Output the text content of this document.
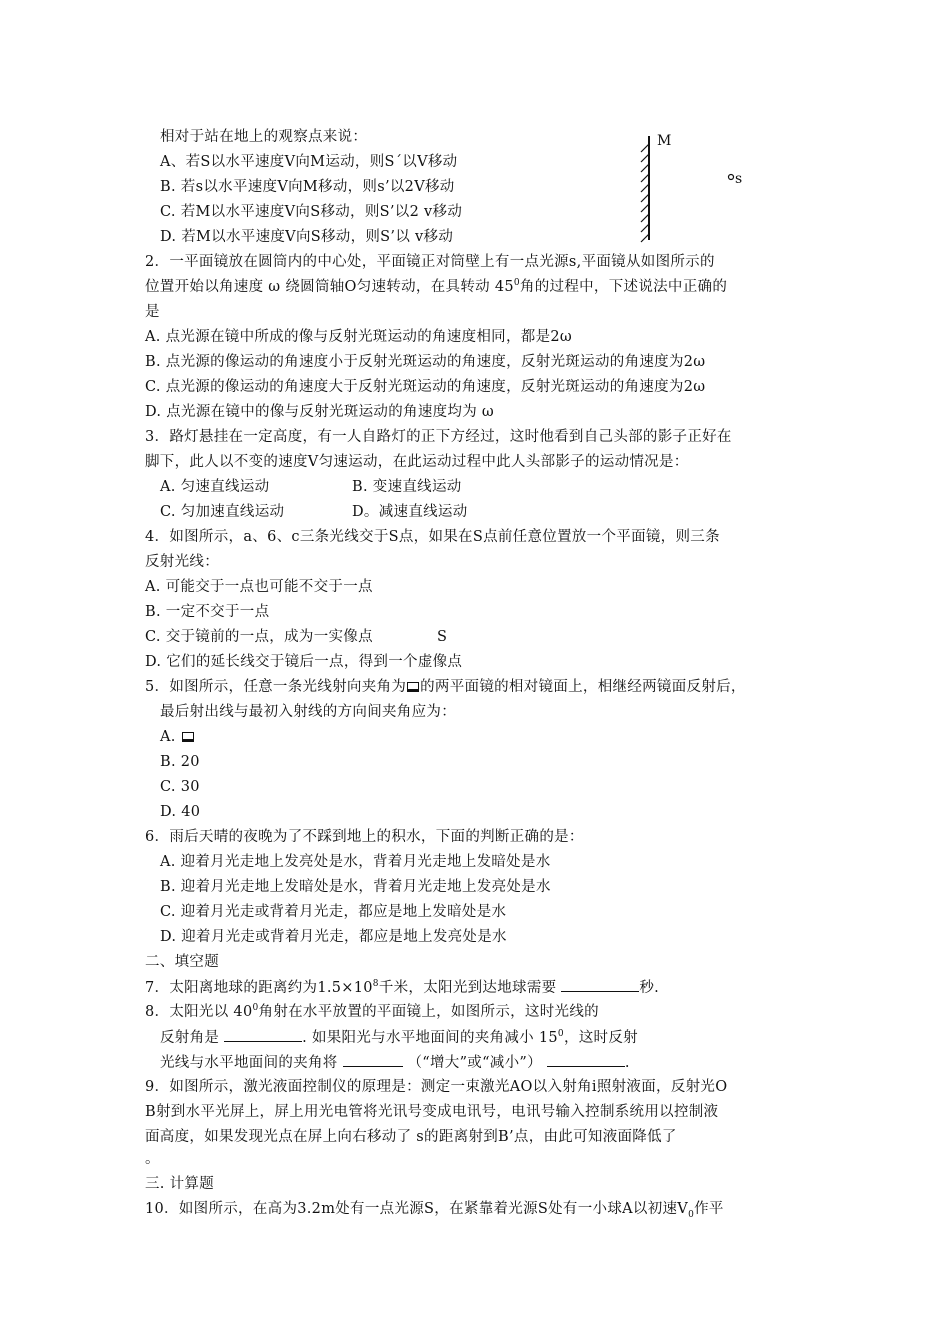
相对于站在地上的观察点来说：
A、若S以水平速度V向M运动，则S΄以V移动
B. 若s以水平速度V向M移动，则s’以2V移动
C. 若M以水平速度V向S移动，则S’以2 v移动
D. 若M以水平速度V向S移动，则S’以 v移动
M
s
2．一平面镜放在圆筒内的中心处，平面镜正对筒壁上有一点光源s,平面镜从如图所示的
位置开始以角速度 ω 绕圆筒轴O匀速转动，在具转动 $45^0$角的过程中，下述说法中正确的
是
A. 点光源在镜中所成的像与反射光斑运动的角速度相同，都是2ω
B. 点光源的像运动的角速度小于反射光斑运动的角速度，反射光斑运动的角速度为2ω
C. 点光源的像运动的角速度大于反射光斑运动的角速度，反射光斑运动的角速度为2ω
D. 点光源在镜中的像与反射光斑运动的角速度均为 ω
3．路灯悬挂在一定高度，有一人自路灯的正下方经过，这时他看到自己头部的影子正好在
脚下，此人以不变的速度V匀速运动，在此运动过程中此人头部影子的运动情况是：
A. 匀速直线运动	B. 变速直线运动
C. 匀加速直线运动	D。减速直线运动
4．如图所示，a、6、c三条光线交于S点，如果在S点前任意位置放一个平面镜，则三条
反射光线：
A. 可能交于一点也可能不交于一点
B. 一定不交于一点
C. 交于镜前的一点，成为一实像点	S
D. 它们的延长线交于镜后一点，得到一个虚像点
5．如图所示，任意一条光线射向夹角为 的两平面镜的相对镜面上，相继经两镜面反射后，
最后射出线与最初入射线的方向间夹角应为：
A.
B. 20
C. 30
D. 40
6．雨后天晴的夜晚为了不踩到地上的积水，下面的判断正确的是：
A. 迎着月光走地上发亮处是水，背着月光走地上发暗处是水
B. 迎着月光走地上发暗处是水，背着月光走地上发亮处是水
C. 迎着月光走或背着月光走，都应是地上发暗处是水
D. 迎着月光走或背着月光走，都应是地上发亮处是水
二、填空题
7．太阳离地球的距离约为$1.5\times 10^8$千米，太阳光到达地球需要	秒.
8．太阳光以 $40^0$角射在水平放置的平面镜上，如图所示，这时光线的
反射角是	. 如果阳光与水平地面间的夹角减小 $15^0$，这时反射
光线与水平地面间的夹角将	（“增大”或“减小”）	.
9．如图所示，激光液面控制仪的原理是：测定一束激光AO以入射角i照射液面，反射光O
B射到水平光屏上，屏上用光电管将光讯号变成电讯号，电讯号输入控制系统用以控制液
面高度，如果发现光点在屏上向右移动了 s的距离射到B’点，由此可知液面降低了
。
三. 计算题
10．如图所示，在高为3.2m处有一点光源S，在紧靠着光源S处有一小球A以初速$V_0$作平
